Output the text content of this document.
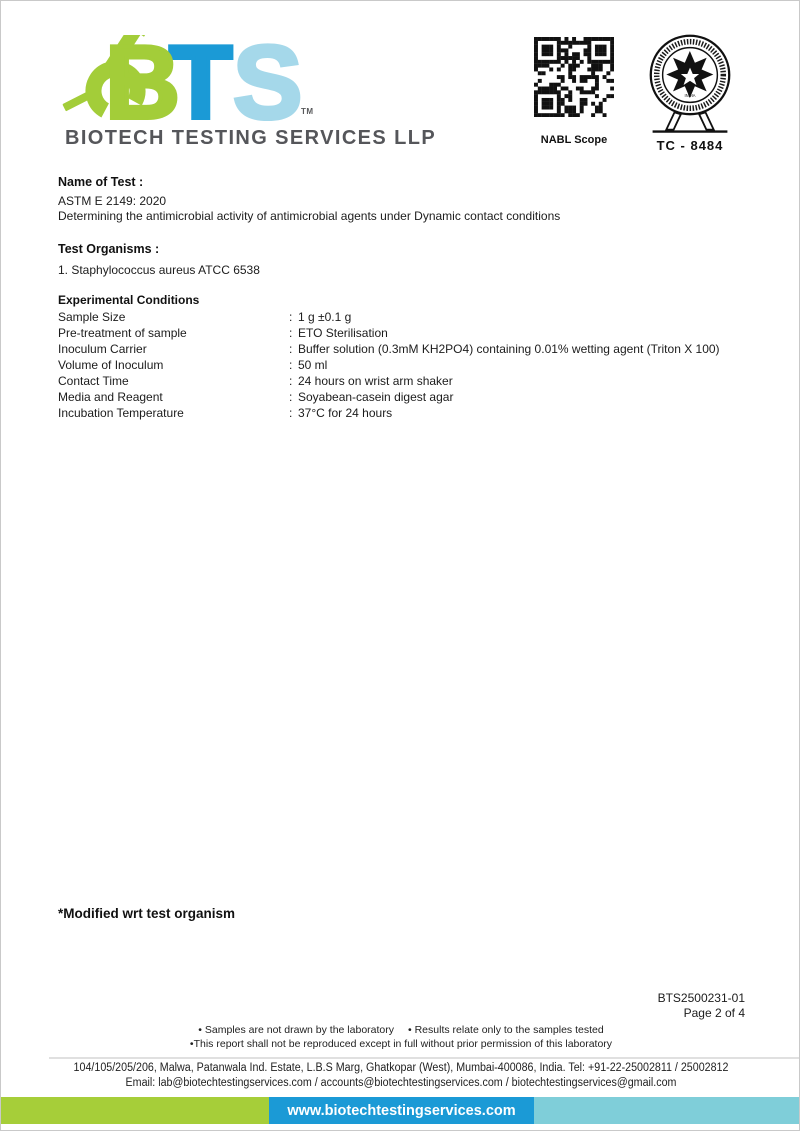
B
T S TM
BIOTECH TESTING SERVICES LLP	NABL Scope
INDIA
TC - 8484
Name of Test :
ASTM E 2149: 2020
Determining the antimicrobial activity of antimicrobial agents under Dynamic contact conditions
Test Organisms :
1. Staphylococcus aureus ATCC 6538
Experimental Conditions
Sample Size	: 1 g ±0.1 g
Pre-treatment of sample	: ETO Sterilisation
Inoculum Carrier	: Buffer solution (0.3mM KH2PO4) containing 0.01% wetting agent (Triton X 100)
Volume of Inoculum	: 50 ml
Contact Time	: 24 hours on wrist arm shaker
Media and Reagent	: Soyabean-casein digest agar
Incubation Temperature	: 37°C for 24 hours
*Modified wrt test organism
BTS2500231-01
Page 2 of 4
• Samples are not drawn by the laboratory • Results relate only to the samples tested
•This report shall not be reproduced except in full without prior permission of this laboratory
104/105/205/206, Malwa, Patanwala Ind. Estate, L.B.S Marg, Ghatkopar (West), Mumbai-400086, India. Tel: +91-22-25002811 / 25002812
Email: lab@biotechtestingservices.com / accounts@biotechtestingservices.com / biotechtestingservices@gmail.com
www.biotechtestingservices.com
